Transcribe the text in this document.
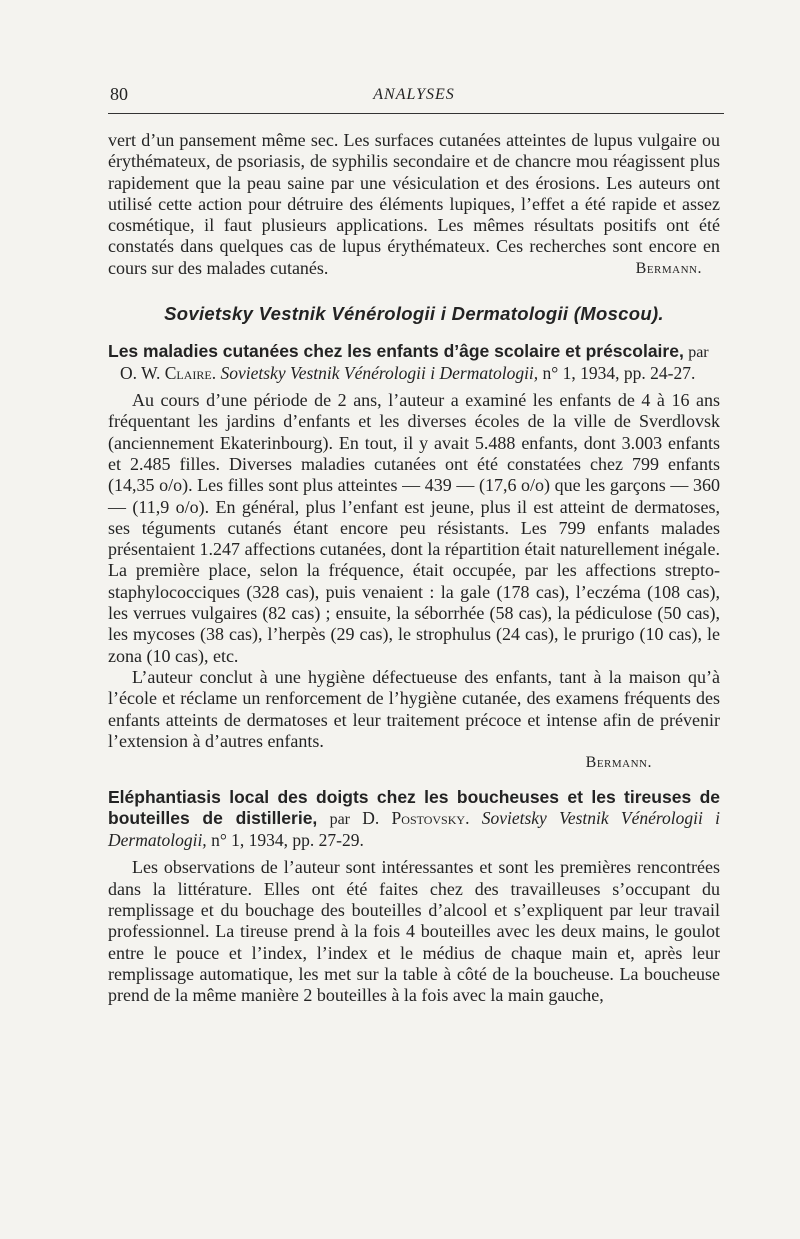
80	ANALYSES

vert d’un pansement même sec. Les surfaces cutanées atteintes de lupus vulgaire ou érythémateux, de psoriasis, de syphilis secondaire et de chancre mou réagissent plus rapidement que la peau saine par une vésiculation et des érosions. Les auteurs ont utilisé cette action pour détruire des éléments lupiques, l’effet a été rapide et assez cosmétique, il faut plusieurs applications. Les mêmes résultats positifs ont été constatés dans quelques cas de lupus érythémateux. Ces recherches sont encore en cours sur des malades cutanés.	Bermann.

Sovietsky Vestnik Vénérologii i Dermatologii (Moscou).
Les maladies cutanées chez les enfants d’âge scolaire et préscolaire, par
O. W. Claire. Sovietsky Vestnik Vénérologii i Dermatologii, n° 1, 1934, pp. 24-27.

Au cours d’une période de 2 ans, l’auteur a examiné les enfants de 4 à 16 ans fréquentant les jardins d’enfants et les diverses écoles de la ville de Sverdlovsk (anciennement Ekaterinbourg). En tout, il y avait 5.488 enfants, dont 3.003 enfants et 2.485 filles. Diverses maladies cutanées ont été constatées chez 799 enfants (14,35 o/o). Les filles sont plus atteintes — 439 — (17,6 o/o) que les garçons — 360 — (11,9 o/o). En général, plus l’enfant est jeune, plus il est atteint de dermatoses, ses téguments cutanés étant encore peu résistants. Les 799 enfants malades présentaient 1.247 affections cutanées, dont la répartition était naturellement inégale. La première place, selon la fréquence, était occupée, par les affections strepto-staphylococciques (328 cas), puis venaient : la gale (178 cas), l’eczéma (108 cas), les verrues vulgaires (82 cas) ; ensuite, la séborrhée (58 cas), la pédiculose (50 cas), les mycoses (38 cas), l’herpès (29 cas), le strophulus (24 cas), le prurigo (10 cas), le zona (10 cas), etc.

L’auteur conclut à une hygiène défectueuse des enfants, tant à la maison qu’à l’école et réclame un renforcement de l’hygiène cutanée, des examens fréquents des enfants atteints de dermatoses et leur traitement précoce et intense afin de prévenir l’extension à d’autres enfants.

Bermann.

Eléphantiasis local des doigts chez les boucheuses et les tireuses de bouteilles de distillerie, par D. Postovsky. Sovietsky Vestnik Vénérologii i Dermatologii, n° 1, 1934, pp. 27-29.

Les observations de l’auteur sont intéressantes et sont les premières rencontrées dans la littérature. Elles ont été faites chez des travailleuses s’occupant du remplissage et du bouchage des bouteilles d’alcool et s’expliquent par leur travail professionnel. La tireuse prend à la fois 4 bouteilles avec les deux mains, le goulot entre le pouce et l’index, l’index et le médius de chaque main et, après leur remplissage automatique, les met sur la table à côté de la boucheuse. La boucheuse prend de la même manière 2 bouteilles à la fois avec la main gauche,
